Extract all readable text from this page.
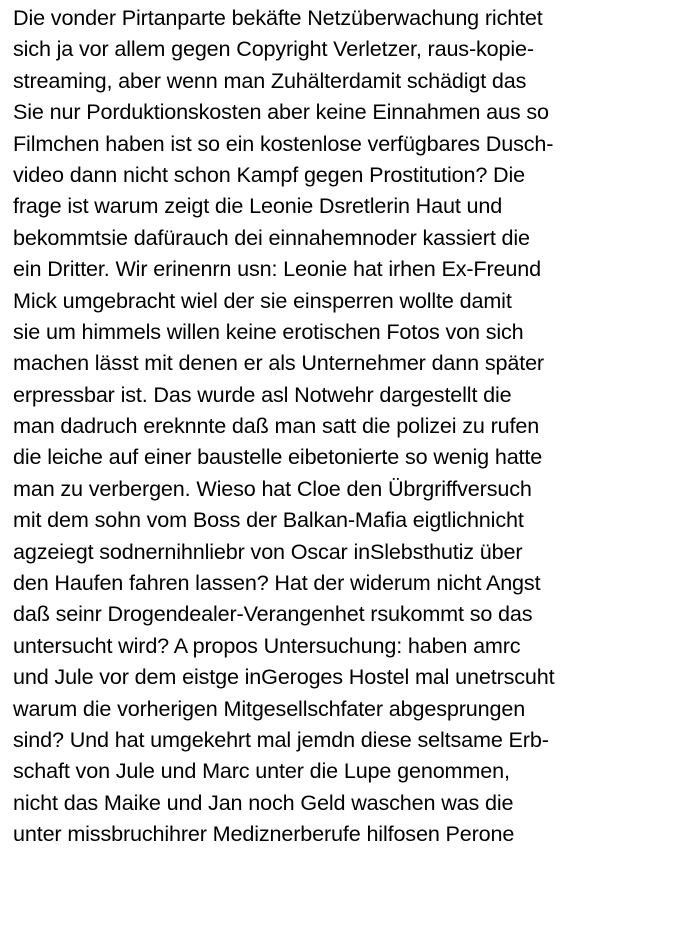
Die vonder Pirtanparte bekäfte Netzüberwachung richtet
sich ja vor allem gegen Copyright Verletzer, raus-kopie-
streaming, aber wenn man Zuhälterdamit schädigt das
Sie nur Porduktionskosten aber keine Einnahmen aus so
Filmchen haben ist so ein kostenlose verfügbares Dusch-
video dann nicht schon Kampf gegen Prostitution? Die
frage ist warum zeigt die Leonie Dsretlerin Haut und
bekommtsie dafürauch dei einnahemnoder kassiert die
ein Dritter. Wir erinenrn usn: Leonie hat irhen Ex-Freund
Mick umgebracht wiel der sie einsperren wollte damit
sie um himmels willen keine erotischen Fotos von sich
machen lässt mit denen er als Unternehmer dann später
erpressbar ist. Das wurde asl Notwehr dargestellt die
man dadruch ereknnte daß man satt die polizei zu rufen
die leiche auf einer baustelle eibetonierte so wenig hatte
man zu verbergen. Wieso hat Cloe den Übrgriffversuch
mit dem sohn vom Boss der Balkan-Mafia eigtlichnicht
agzeiegt sodnernihnliebr von Oscar inSlebsthutiz über
den Haufen fahren lassen? Hat der widerum nicht Angst
daß seinr Drogendealer-Verangenhet rsukommt so das
untersucht wird? A propos Untersuchung: haben amrc
und Jule vor dem eistge inGeroges Hostel mal unetrscuht
warum die vorherigen Mitgesellschfater abgesprungen
sind? Und hat umgekehrt mal jemdn diese seltsame Erb-
schaft von Jule und Marc unter die Lupe genommen,
nicht das Maike und Jan noch Geld waschen was die
unter missbruchihrer Mediznerberufe hilfosen Perone
